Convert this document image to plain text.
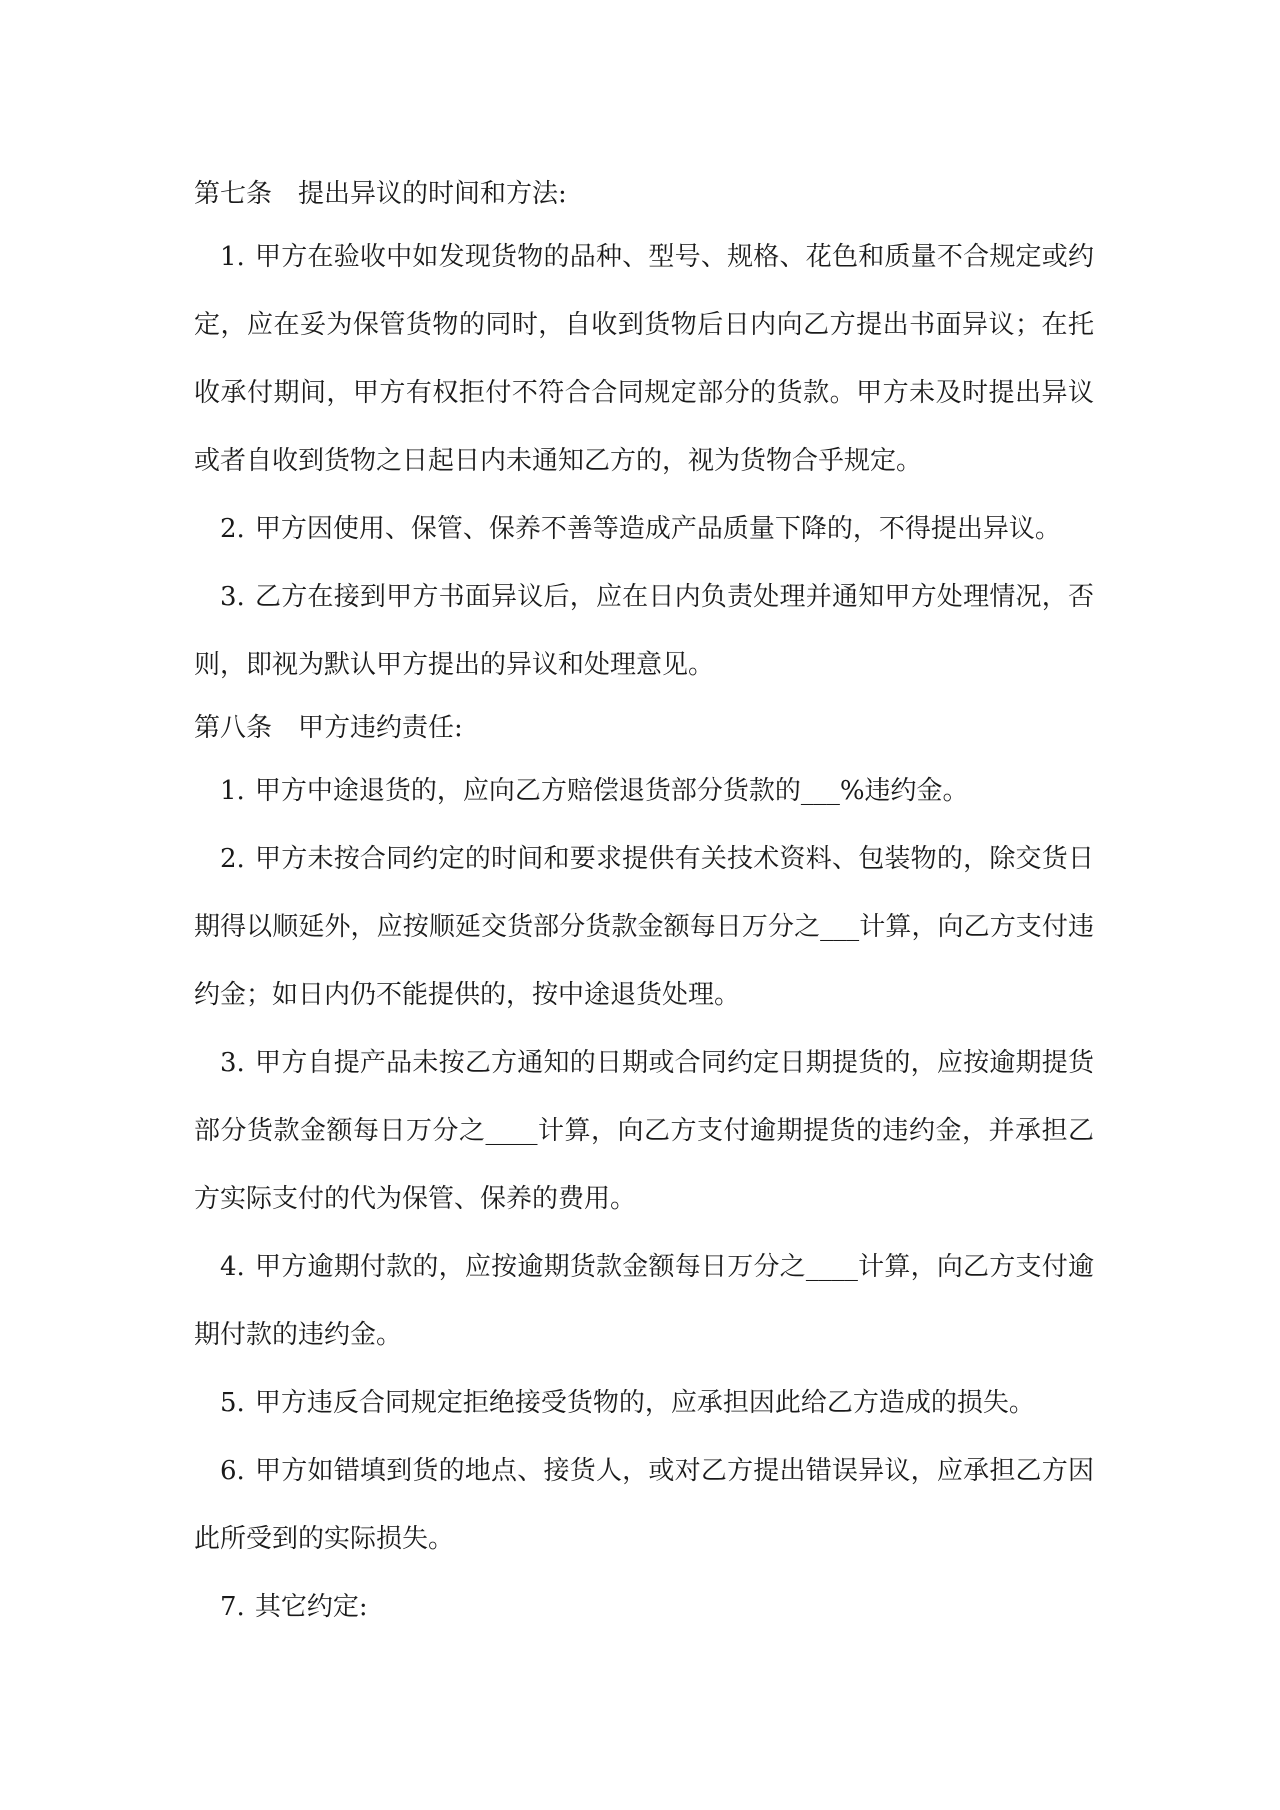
第七条 提出异议的时间和方法:

1. 甲方在验收中如发现货物的品种、型号、规格、花色和质量不合规定或约定，应在妥为保管货物的同时，自收到货物后日内向乙方提出书面异议；在托收承付期间，甲方有权拒付不符合合同规定部分的货款。甲方未及时提出异议或者自收到货物之日起日内未通知乙方的，视为货物合乎规定。

2. 甲方因使用、保管、保养不善等造成产品质量下降的，不得提出异议。

3. 乙方在接到甲方书面异议后，应在日内负责处理并通知甲方处理情况，否则，即视为默认甲方提出的异议和处理意见。

第八条 甲方违约责任:

1. 甲方中途退货的，应向乙方赔偿退货部分货款的___%违约金。

2. 甲方未按合同约定的时间和要求提供有关技术资料、包装物的，除交货日期得以顺延外，应按顺延交货部分货款金额每日万分之___计算，向乙方支付违约金；如日内仍不能提供的，按中途退货处理。

3. 甲方自提产品未按乙方通知的日期或合同约定日期提货的，应按逾期提货部分货款金额每日万分之____计算，向乙方支付逾期提货的违约金，并承担乙方实际支付的代为保管、保养的费用。

4. 甲方逾期付款的，应按逾期货款金额每日万分之____计算，向乙方支付逾期付款的违约金。

5. 甲方违反合同规定拒绝接受货物的，应承担因此给乙方造成的损失。

6. 甲方如错填到货的地点、接货人，或对乙方提出错误异议，应承担乙方因此所受到的实际损失。

7. 其它约定:
